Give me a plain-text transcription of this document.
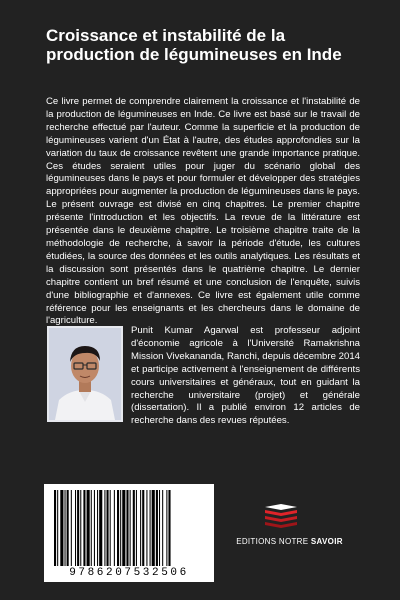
Croissance et instabilité de la production de légumineuses en Inde

Ce livre permet de comprendre clairement la croissance et l'instabilité de la production de légumineuses en Inde. Ce livre est basé sur le travail de recherche effectué par l'auteur. Comme la superficie et la production de légumineuses varient d'un État à l'autre, des études approfondies sur la variation du taux de croissance revêtent une grande importance pratique. Ces études seraient utiles pour juger du scénario global des légumineuses dans le pays et pour formuler et développer des stratégies appropriées pour augmenter la production de légumineuses dans le pays. Le présent ouvrage est divisé en cinq chapitres. Le premier chapitre présente l'introduction et les objectifs. La revue de la littérature est présentée dans le deuxième chapitre. Le troisième chapitre traite de la méthodologie de recherche, à savoir la période d'étude, les cultures étudiées, la source des données et les outils analytiques. Les résultats et la discussion sont présentés dans le quatrième chapitre. Le dernier chapitre contient un bref résumé et une conclusion de l'enquête, suivis d'une bibliographie et d'annexes. Ce livre est également utile comme référence pour les enseignants et les chercheurs dans le domaine de l'agriculture.

Punit Kumar Agarwal est professeur adjoint d'économie agricole à l'Université Ramakrishna Mission Vivekananda, Ranchi, depuis décembre 2014 et participe activement à l'enseignement de différents cours universitaires et généraux, tout en guidant la recherche universitaire (projet) et générale (dissertation). Il a publié environ 12 articles de recherche dans des revues réputées.

9786207532506
EDITIONS NOTRE SAVOIR
